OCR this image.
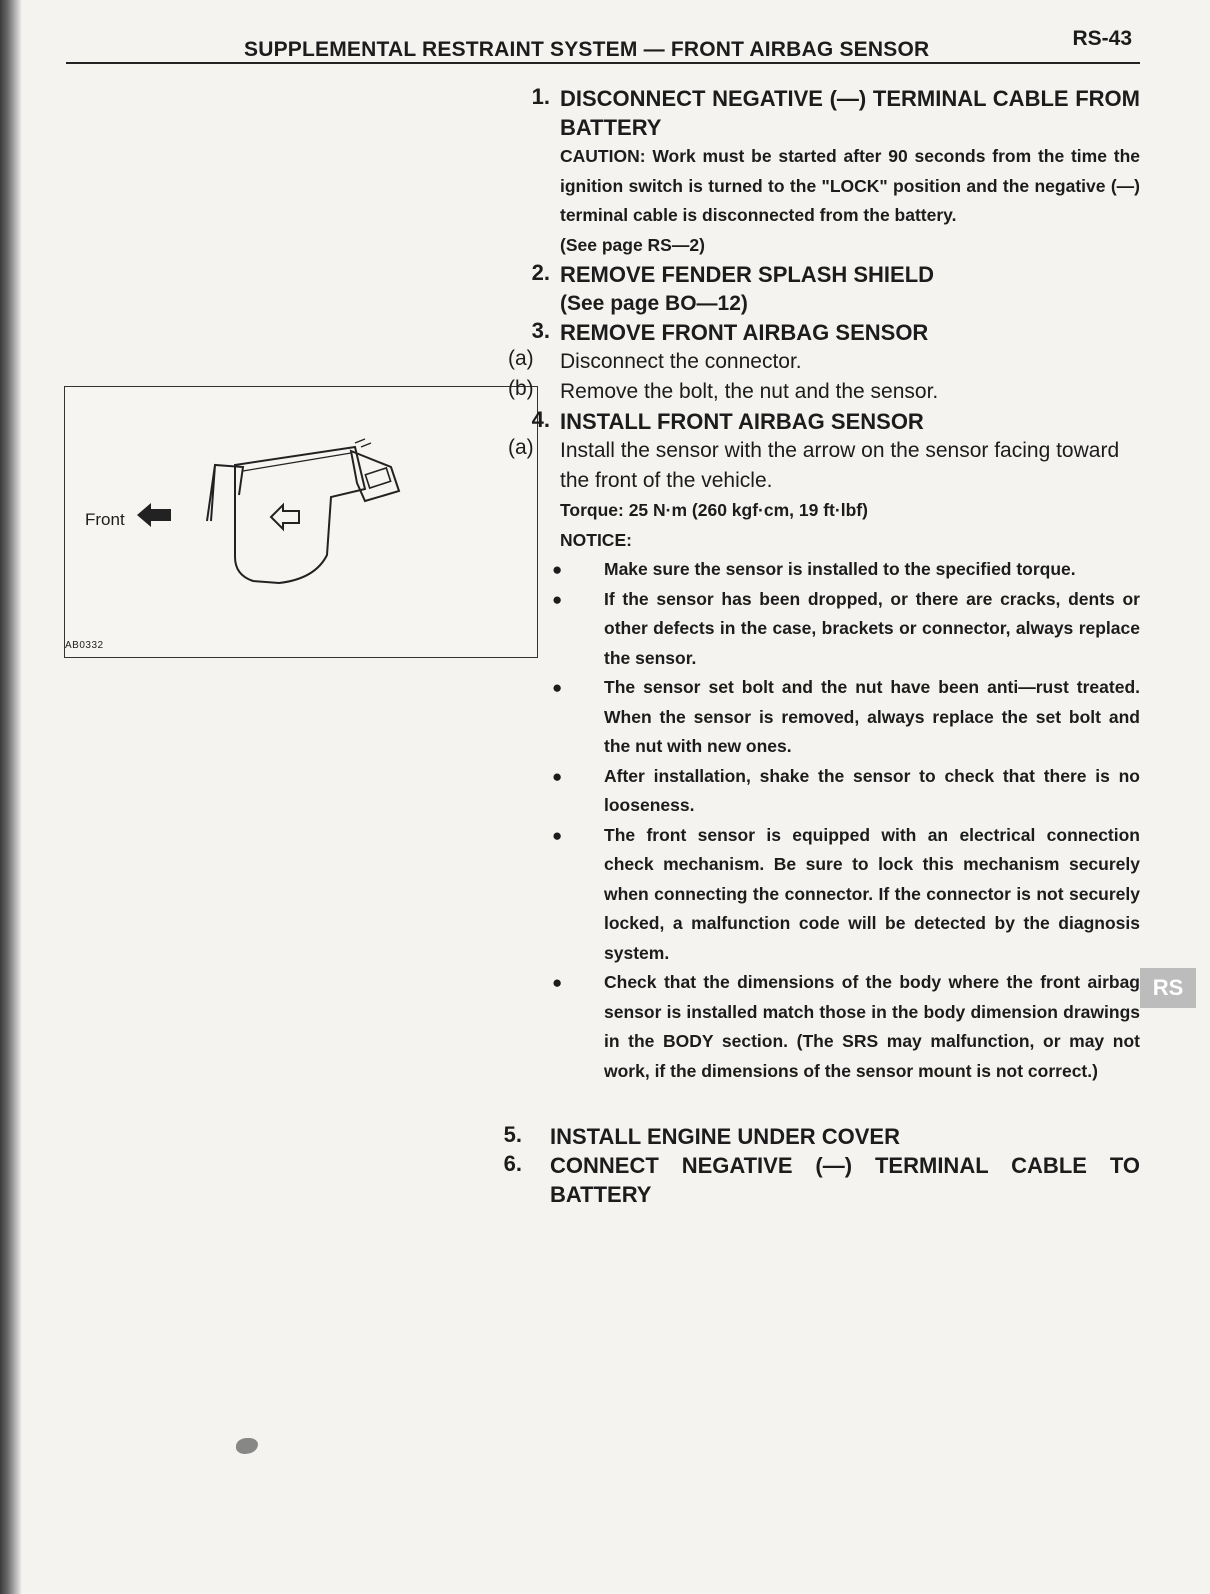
SUPPLEMENTAL RESTRAINT SYSTEM — FRONT AIRBAG SENSOR	RS-43
Front
AB0332
1. DISCONNECT NEGATIVE (—) TERMINAL CABLE FROM BATTERY
CAUTION: Work must be started after 90 seconds from the time the ignition switch is turned to the "LOCK" position and the negative (—) terminal cable is disconnected from the battery.
(See page RS—2)
2. REMOVE FENDER SPLASH SHIELD
(See page BO—12)
3. REMOVE FRONT AIRBAG SENSOR
(a)	Disconnect the connector.
(b)	Remove the bolt, the nut and the sensor.
4. INSTALL FRONT AIRBAG SENSOR
(a)	Install the sensor with the arrow on the sensor facing toward the front of the vehicle.
Torque: 25 N·m (260 kgf·cm, 19 ft·lbf)
NOTICE:
● Make sure the sensor is installed to the specified torque.
● If the sensor has been dropped, or there are cracks, dents or other defects in the case, brackets or connector, always replace the sensor.
● The sensor set bolt and the nut have been anti—rust treated. When the sensor is removed, always replace the set bolt and the nut with new ones.
● After installation, shake the sensor to check that there is no looseness.
● The front sensor is equipped with an electrical connection check mechanism. Be sure to lock this mechanism securely when connecting the connector. If the connector is not securely locked, a malfunction code will be detected by the diagnosis system.
● Check that the dimensions of the body where the front airbag sensor is installed match those in the body dimension drawings in the BODY section. (The SRS may malfunction, or may not work, if the dimensions of the sensor mount is not correct.)
5. INSTALL ENGINE UNDER COVER
6. CONNECT NEGATIVE (—) TERMINAL CABLE TO BATTERY
RS
